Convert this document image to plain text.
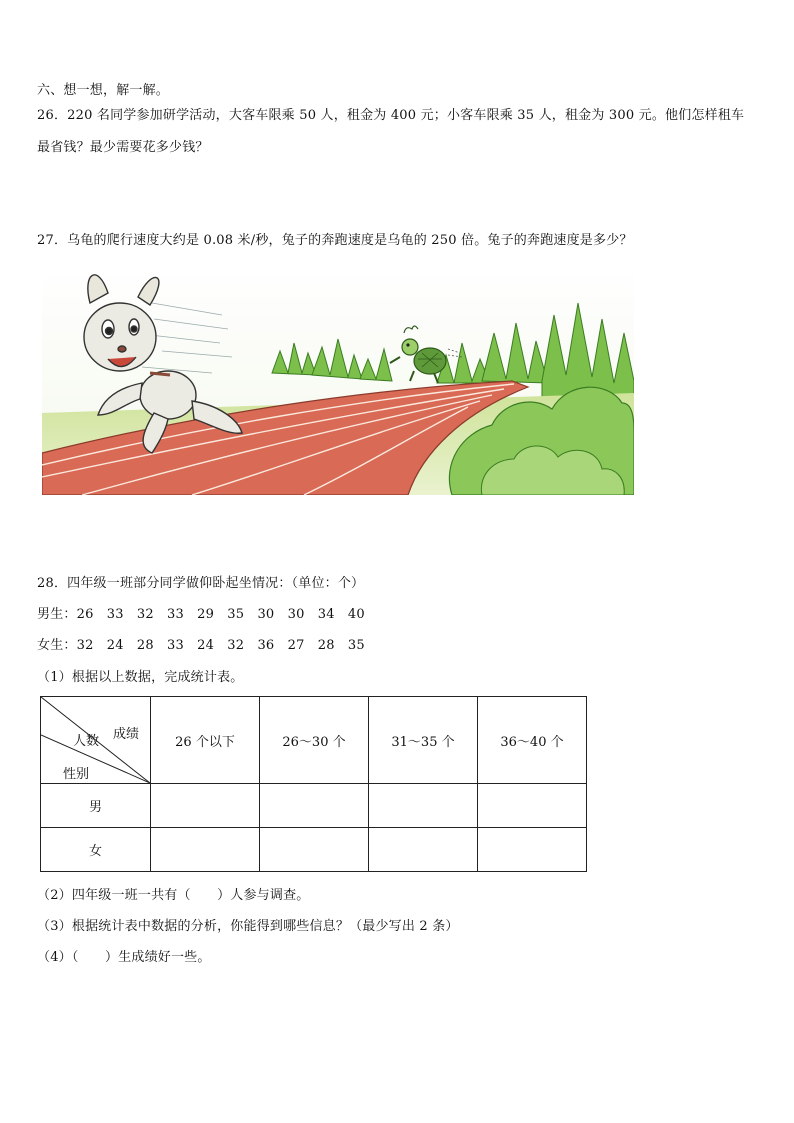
六、想一想，解一解。
26．220 名同学参加研学活动，大客车限乘 50 人，租金为 400 元；小客车限乘 35 人，租金为 300 元。他们怎样租车
最省钱？最少需要花多少钱？
27．乌龟的爬行速度大约是 0.08 米/秒，兔子的奔跑速度是乌龟的 250 倍。兔子的奔跑速度是多少？
28．四年级一班部分同学做仰卧起坐情况：（单位：个）
男生：26　33　32　33　29　35　30　30　34　40
女生：32　24　28　33　24　32　36　27　28　35
（1）根据以上数据，完成统计表。
成绩
人数
性别	26 个以下	26～30 个	31～35 个	36～40 个
男				
女				
（2）四年级一班一共有（　　）人参与调查。
（3）根据统计表中数据的分析，你能得到哪些信息？（最少写出 2 条）
（4）（　　）生成绩好一些。
